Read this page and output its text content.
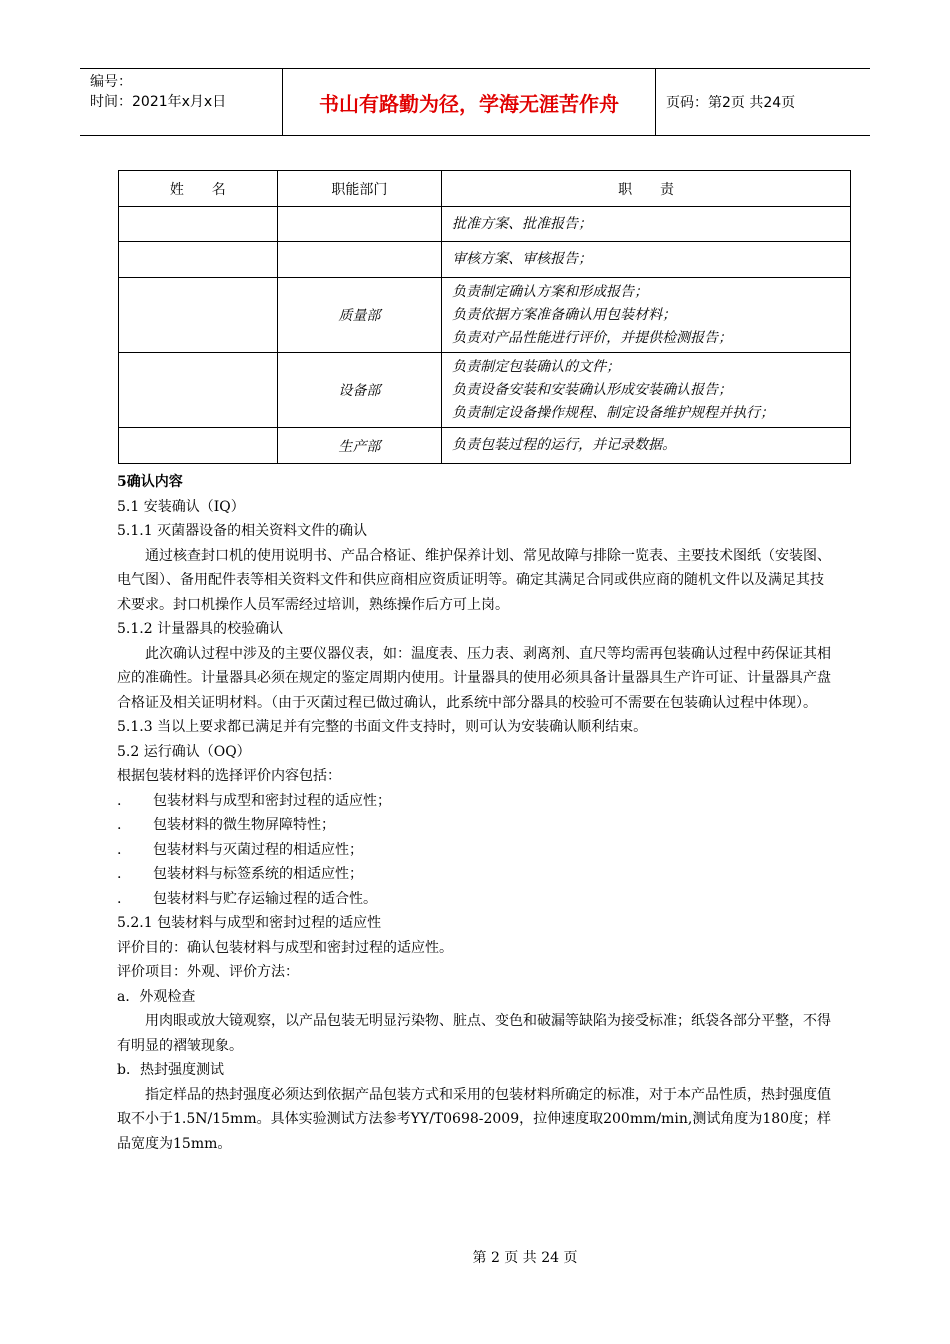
编号：
时间：2021年x月x日	书山有路勤为径，学海无涯苦作舟	页码：第2页 共24页
姓　　名	职能部门	职　　责

		批准方案、批准报告；

		审核方案、审核报告；

	质量部	负责制定确认方案和形成报告；
负责依据方案准备确认用包装材料；
负责对产品性能进行评价，并提供检测报告；

	设备部	负责制定包装确认的文件；
负责设备安装和安装确认形成安装确认报告；
负责制定设备操作规程、制定设备维护规程并执行；

	生产部	负责包装过程的运行，并记录数据。

5确认内容

5.1 安装确认（IQ）

5.1.1 灭菌器设备的相关资料文件的确认

通过核查封口机的使用说明书、产品合格证、维护保养计划、常见故障与排除一览表、主要技术图纸（安装图、电气图）、备用配件表等相关资料文件和供应商相应资质证明等。确定其满足合同或供应商的随机文件以及满足其技术要求。封口机操作人员军需经过培训，熟练操作后方可上岗。

5.1.2 计量器具的校验确认

此次确认过程中涉及的主要仪器仪表，如：温度表、压力表、剥离剂、直尺等均需再包装确认过程中药保证其相应的准确性。计量器具必须在规定的鉴定周期内使用。计量器具的使用必须具备计量器具生产许可证、计量器具产盘合格证及相关证明材料。（由于灭菌过程已做过确认，此系统中部分器具的校验可不需要在包装确认过程中体现）。

5.1.3 当以上要求都已满足并有完整的书面文件支持时，则可认为安装确认顺利结束。

5.2 运行确认（OQ）

根据包装材料的选择评价内容包括：

.	包装材料与成型和密封过程的适应性；
.	包装材料的微生物屏障特性；
.	包装材料与灭菌过程的相适应性；
.	包装材料与标签系统的相适应性；
.	包装材料与贮存运输过程的适合性。

5.2.1 包装材料与成型和密封过程的适应性

评价目的：确认包装材料与成型和密封过程的适应性。

评价项目：外观、评价方法：

a．外观检查

用肉眼或放大镜观察，以产品包装无明显污染物、脏点、变色和破漏等缺陷为接受标准；纸袋各部分平整，不得有明显的褶皱现象。

b．热封强度测试

指定样品的热封强度必须达到依据产品包装方式和采用的包装材料所确定的标准，对于本产品性质，热封强度值取不小于1.5N/15mm。具体实验测试方法参考YY/T0698-2009，拉伸速度取200mm/min,测试角度为180度；样品宽度为15mm。

第 2 页 共 24 页
